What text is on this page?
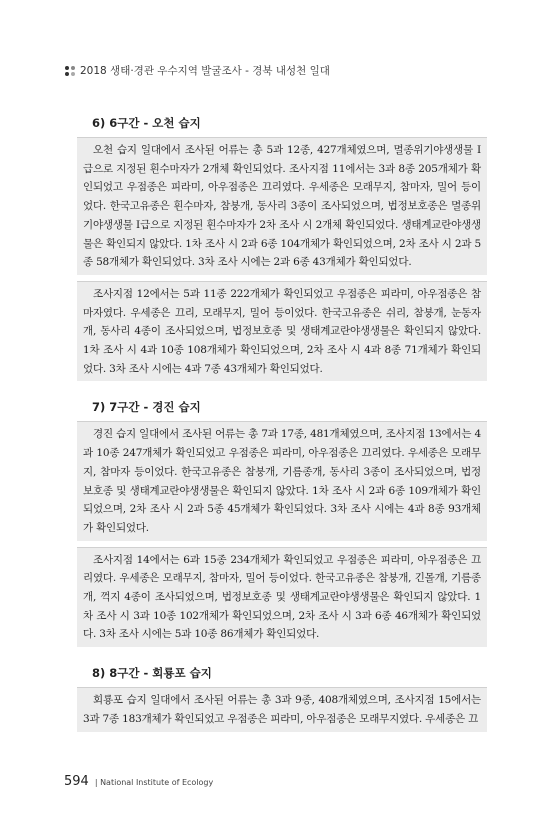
2018 생태·경관 우수지역 발굴조사 - 경북 내성천 일대
6) 6구간 - 오천 습지

오천 습지 일대에서 조사된 어류는 총 5과 12종, 427개체였으며, 멸종위기야생생물 Ⅰ급으로 지정된 흰수마자가 2개체 확인되었다. 조사지점 11에서는 3과 8종 205개체가 확인되었고 우점종은 피라미, 아우점종은 끄리였다. 우세종은 모래무지, 참마자, 밀어 등이었다. 한국고유종은 흰수마자, 참붕개, 동사리 3종이 조사되었으며, 법정보호종은 멸종위기야생생물 Ⅰ급으로 지정된 흰수마자가 2차 조사 시 2개체 확인되었다. 생태계교란야생생물은 확인되지 않았다. 1차 조사 시 2과 6종 104개체가 확인되었으며, 2차 조사 시 2과 5종 58개체가 확인되었다. 3차 조사 시에는 2과 6종 43개체가 확인되었다.

조사지점 12에서는 5과 11종 222개체가 확인되었고 우점종은 피라미, 아우점종은 참마자였다. 우세종은 끄리, 모래무지, 밀어 등이었다. 한국고유종은 쉬리, 참붕개, 눈동자개, 동사리 4종이 조사되었으며, 법정보호종 및 생태계교란야생생물은 확인되지 않았다. 1차 조사 시 4과 10종 108개체가 확인되었으며, 2차 조사 시 4과 8종 71개체가 확인되었다. 3차 조사 시에는 4과 7종 43개체가 확인되었다.

7) 7구간 - 경진 습지

경진 습지 일대에서 조사된 어류는 총 7과 17종, 481개체였으며, 조사지점 13에서는 4과 10종 247개체가 확인되었고 우점종은 피라미, 아우점종은 끄리였다. 우세종은 모래무지, 참마자 등이었다. 한국고유종은 참붕개, 기름종개, 동사리 3종이 조사되었으며, 법정보호종 및 생태계교란야생생물은 확인되지 않았다. 1차 조사 시 2과 6종 109개체가 확인되었으며, 2차 조사 시 2과 5종 45개체가 확인되었다. 3차 조사 시에는 4과 8종 93개체가 확인되었다.

조사지점 14에서는 6과 15종 234개체가 확인되었고 우점종은 피라미, 아우점종은 끄리였다. 우세종은 모래무지, 참마자, 밀어 등이었다. 한국고유종은 참붕개, 긴몰개, 기름종개, 꺽지 4종이 조사되었으며, 법정보호종 및 생태계교란야생생물은 확인되지 않았다. 1차 조사 시 3과 10종 102개체가 확인되었으며, 2차 조사 시 3과 6종 46개체가 확인되었다. 3차 조사 시에는 5과 10종 86개체가 확인되었다.

8) 8구간 - 회룡포 습지

회룡포 습지 일대에서 조사된 어류는 총 3과 9종, 408개체였으며, 조사지점 15에서는 3과 7종 183개체가 확인되었고 우점종은 피라미, 아우점종은 모래무지였다. 우세종은 끄

594 | National Institute of Ecology
